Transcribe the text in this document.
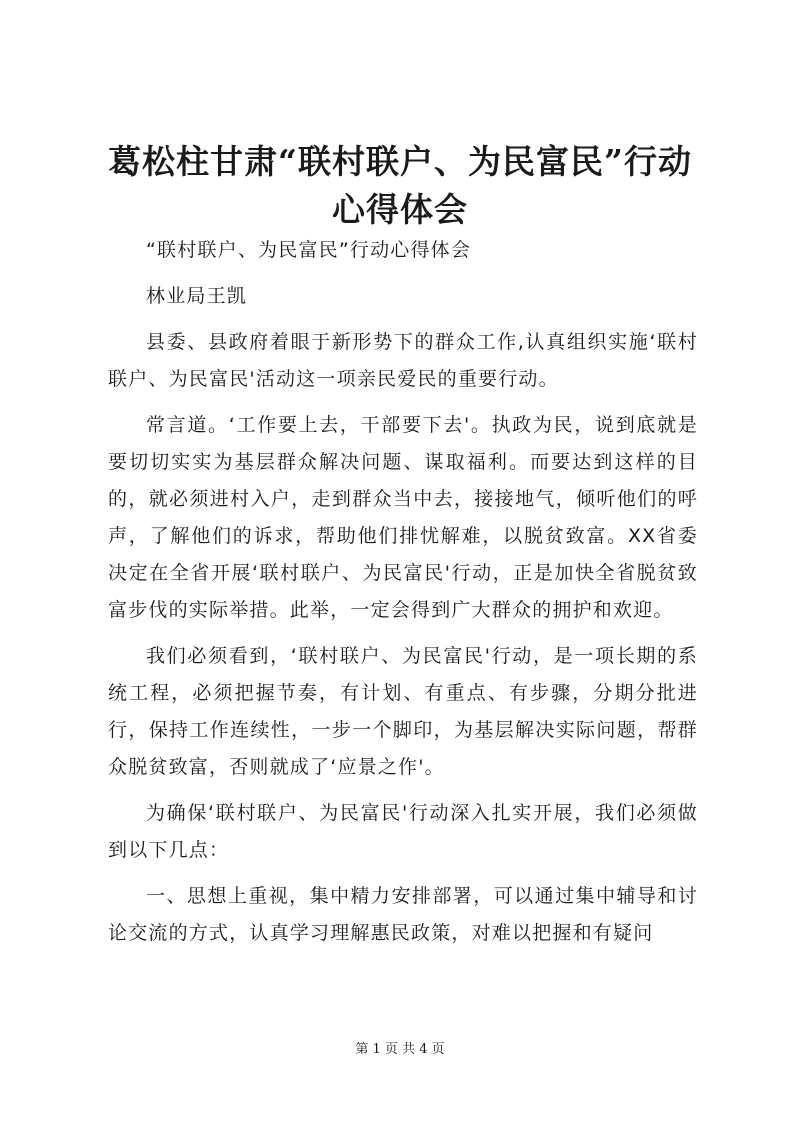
葛松柱甘肃“联村联户、为民富民”行动心得体会

“联村联户、为民富民”行动心得体会

林业局王凯

县委、县政府着眼于新形势下的群众工作,认真组织实施‘联村联户、为民富民'活动这一项亲民爱民的重要行动。

常言道。‘工作要上去，干部要下去'。执政为民，说到底就是要切切实实为基层群众解决问题、谋取福利。而要达到这样的目的，就必须进村入户，走到群众当中去，接接地气，倾听他们的呼声，了解他们的诉求，帮助他们排忧解难，以脱贫致富。XX省委决定在全省开展‘联村联户、为民富民'行动，正是加快全省脱贫致富步伐的实际举措。此举，一定会得到广大群众的拥护和欢迎。

我们必须看到，‘联村联户、为民富民'行动，是一项长期的系统工程，必须把握节奏，有计划、有重点、有步骤，分期分批进行，保持工作连续性，一步一个脚印，为基层解决实际问题，帮群众脱贫致富，否则就成了‘应景之作'。

为确保‘联村联户、为民富民'行动深入扎实开展，我们必须做到以下几点：

一、思想上重视，集中精力安排部署，可以通过集中辅导和讨论交流的方式，认真学习理解惠民政策，对难以把握和有疑问

第 1 页 共 4 页
